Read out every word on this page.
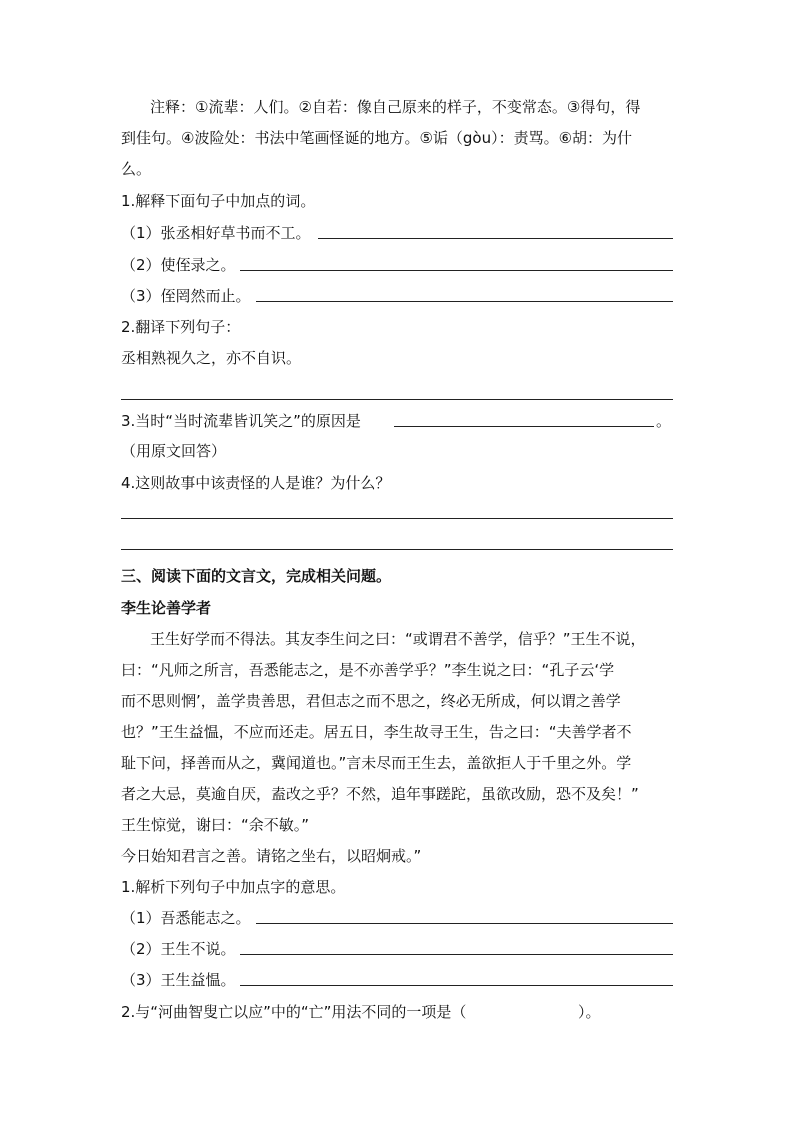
注释：①流辈：人们。②自若：像自己原来的样子，不变常态。③得句，得
到佳句。④波险处：书法中笔画怪诞的地方。⑤诟（gòu）：责骂。⑥胡：为什
么。
1.解释下面句子中加点的词。
（1）张丞相好草书而不工。
（2）使侄录之。
（3）侄罔然而止。
2.翻译下列句子：
丞相熟视久之，亦不自识。
3.当时“当时流辈皆讥笑之”的原因是	。
（用原文回答）
4.这则故事中该责怪的人是谁？为什么？
三、阅读下面的文言文，完成相关问题。
李生论善学者
王生好学而不得法。其友李生问之曰：“或谓君不善学，信乎？”王生不说，
曰：“凡师之所言，吾悉能志之，是不亦善学乎？”李生说之曰：“孔子云‘学
而不思则惘’，盖学贵善思，君但志之而不思之，终必无所成，何以谓之善学
也？”王生益愠，不应而还走。居五日，李生故寻王生，告之曰：“夫善学者不
耻下问，择善而从之，冀闻道也。”言未尽而王生去，盖欲拒人于千里之外。学
者之大忌，莫逾自厌，盍改之乎？不然，追年事蹉跎，虽欲改励，恐不及矣！”
王生惊觉，谢曰：“余不敏。”
今日始知君言之善。请铭之坐右，以昭炯戒。”
1.解析下列句子中加点字的意思。
（1）吾悉能志之。
（2）王生不说。
（3）王生益愠。
2.与“河曲智叟亡以应”中的“亡”用法不同的一项是（	）。
